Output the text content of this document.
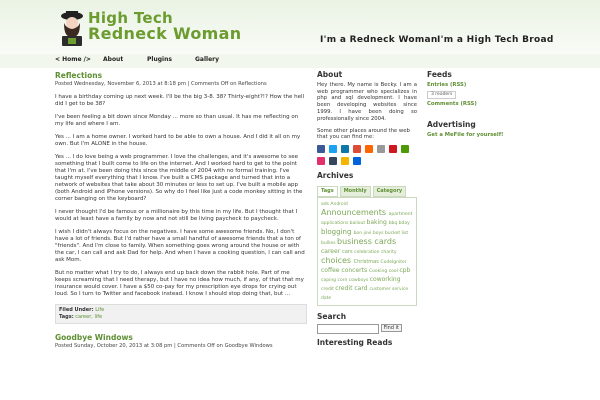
High Tech
Redneck Woman	I'm a Redneck Woman I'm a High Tech Broad
< Home /> About	Plugins	Gallery
Reflections
Posted Wednesday, November 6, 2013 at 8:18 pm | Comments Off on Reflections

I have a birthday coming up next week. I'll be the big 3-8. 38? Thirty-eight?!? How the hell did I get to be 38?

I've been feeling a bit down since Monday ... more so than usual. It has me reflecting on my life and where I am.

Yes ... I am a home owner. I worked hard to be able to own a house. And I did it all on my own. But I'm ALONE in the house.

Yes ... I do love being a web programmer. I love the challenges, and it's awesome to see something that I built come to life on the internet. And I worked hard to get to the point that I'm at. I've been doing this since the middle of 2004 with no formal training. I've taught myself everything that I know. I've built a CMS package and turned that into a network of websites that take about 30 minutes or less to set up. I've built a mobile app (both Android and iPhone versions). So why do I feel like just a code monkey sitting in the corner banging on the keyboard?

I never thought I'd be famous or a millionaire by this time in my life. But I thought that I would at least have a family by now and not still be living paycheck to paycheck.

I wish I didn't always focus on the negatives. I have some awesome friends. No, I don't have a lot of friends. But I'd rather have a small handful of awesome friends that a ton of "friends". And I'm close to family. When something goes wrong around the house or with the car, I can call and ask Dad for help. And when I have a cooking question, I can call and ask Mom.

But no matter what I try to do, I always end up back down the rabbit hole. Part of me keeps screaming that I need therapy, but I have no idea how much, if any, of that that my insurance would cover. I have a $50 co-pay for my prescription eye drops for crying out loud. So I turn to Twitter and facebook instead. I know I should stop doing that, but ...

Filed Under: Life
Tags: career, life
Goodbye Windows
Posted Sunday, October 20, 2013 at 3:08 pm | Comments Off on Goodbye Windows
About
Hey there. My name is Becky. I am a web programmer who specializes in php and sql development. I have been developing websites since 1999. I have been doing so professionally since 2004.
Some other places around the web that you can find me:
Archives
Tags	Monthly	Category
ads Android Announcements apartment applications bailout baking bbq bday blogging bon jovi boys bucket list bullies business cards career cars celebration charity choices Christmas CodeIgniter coffee concerts Cooking cool cpb coping corn cowboys coworking credit credit card customer service date
Search
Find it
Interesting Reads
Feeds
Entries (RSS)
3 readers
Comments (RSS)
Advertising
Get a MeFile for yourself!
